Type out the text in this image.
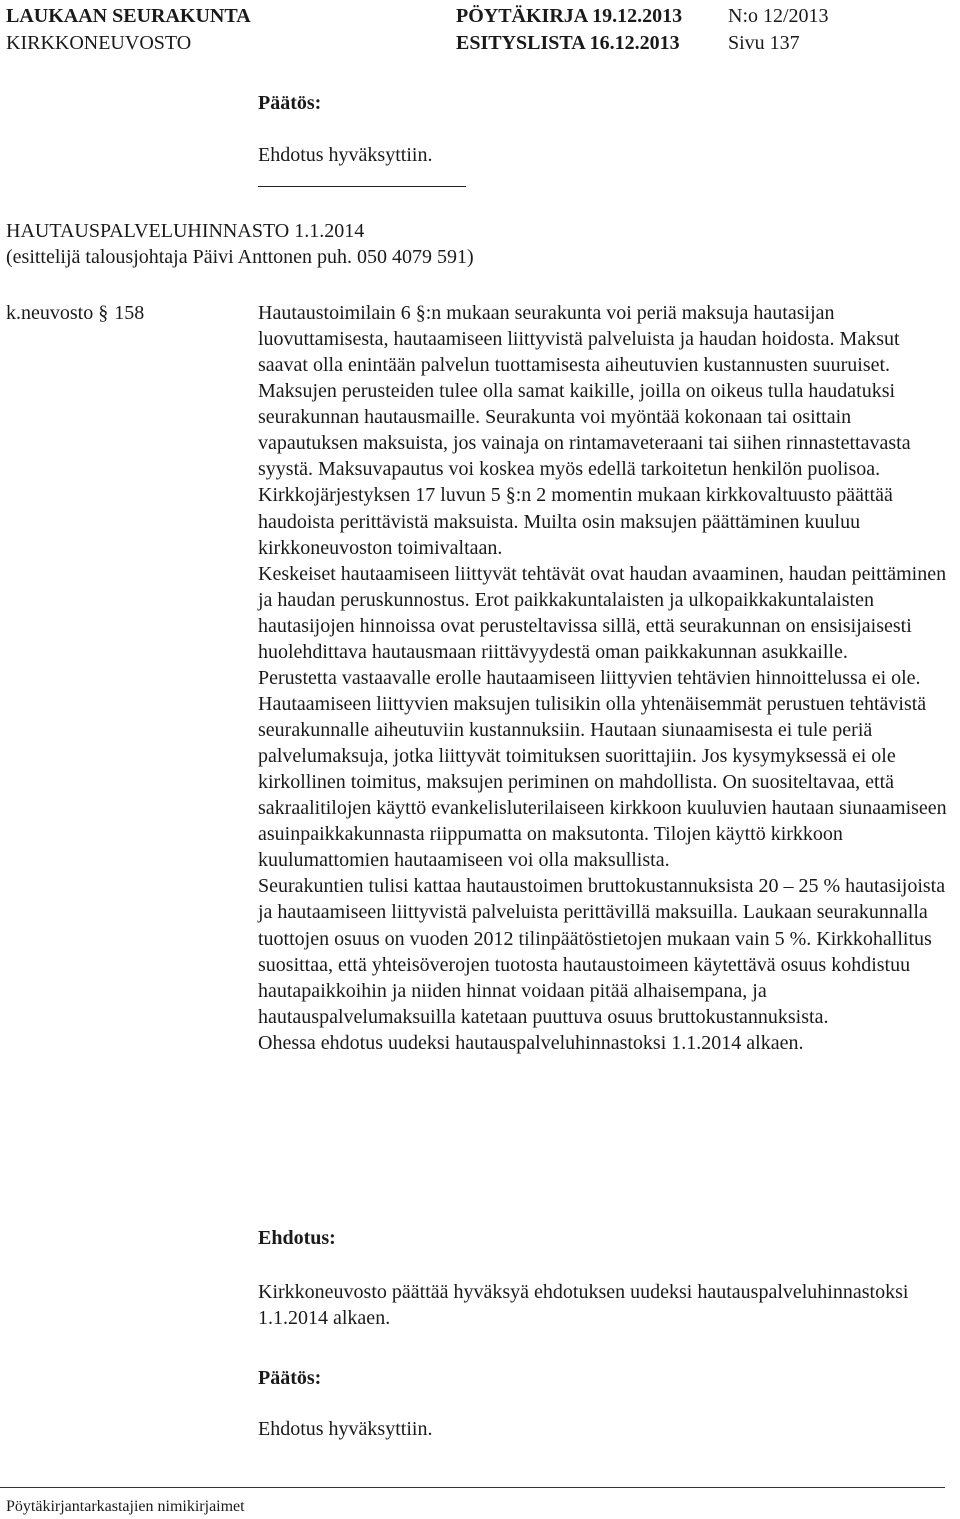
LAUKAAN SEURAKUNTA	PÖYTÄKIRJA 19.12.2013 N:o 12/2013
KIRKKONEUVOSTO	ESITYSLISTA 16.12.2013 Sivu 137
Päätös:
Ehdotus hyväksyttiin.
HAUTAUSPALVELUHINNASTO 1.1.2014
(esittelijä talousjohtaja Päivi Anttonen puh. 050 4079 591)
k.neuvosto § 158	Hautaustoimilain 6 §:n mukaan seurakunta voi periä maksuja hautasijan luovuttamisesta, hautaamiseen liittyvistä palveluista ja haudan hoidosta. Maksut saavat olla enintään palvelun tuottamisesta aiheutuvien kustannusten suuruiset. Maksujen perusteiden tulee olla samat kaikille, joilla on oikeus tulla haudatuksi seurakunnan hautausmaille. Seurakunta voi myöntää kokonaan tai osittain vapautuksen maksuista, jos vainaja on rintamaveteraani tai siihen rinnastettavasta syystä. Maksuvapautus voi koskea myös edellä tarkoitetun henkilön puolisoa.

Kirkkojärjestyksen 17 luvun 5 §:n 2 momentin mukaan kirkkovaltuusto päättää haudoista perittävistä maksuista. Muilta osin maksujen päättäminen kuuluu kirkkoneuvoston toimivaltaan.

Keskeiset hautaamiseen liittyvät tehtävät ovat haudan avaaminen, haudan peittäminen ja haudan peruskunnostus. Erot paikkakuntalaisten ja ulkopaikkakuntalaisten hautasijojen hinnoissa ovat perusteltavissa sillä, että seurakunnan on ensisijaisesti huolehdittava hautausmaan riittävyydestä oman paikkakunnan asukkaille.

Perustetta vastaavalle erolle hautaamiseen liittyvien tehtävien hinnoittelussa ei ole. Hautaamiseen liittyvien maksujen tulisikin olla yhtenäisemmät perustuen tehtävistä seurakunnalle aiheutuviin kustannuksiin. Hautaan siunaamisesta ei tule periä palvelumaksuja, jotka liittyvät toimituksen suorittajiin. Jos kysymyksessä ei ole kirkollinen toimitus, maksujen periminen on mahdollista. On suositeltavaa, että sakraalitilojen käyttö evankelisluterilaiseen kirkkoon kuuluvien hautaan siunaamiseen asuinpaikkakunnasta riippumatta on maksutonta. Tilojen käyttö kirkkoon kuulumattomien hautaamiseen voi olla maksullista.

Seurakuntien tulisi kattaa hautaustoimen bruttokustannuksista 20 – 25 % hautasijoista ja hautaamiseen liittyvistä palveluista perittävillä maksuilla. Laukaan seurakunnalla tuottojen osuus on vuoden 2012 tilinpäätöstietojen mukaan vain 5 %. Kirkkohallitus suosittaa, että yhteisöverojen tuotosta hautaustoimeen käytettävä osuus kohdistuu hautapaikkoihin ja niiden hinnat voidaan pitää alhaisempana, ja hautauspalvelumaksuilla katetaan puuttuva osuus bruttokustannuksista.

Ohessa ehdotus uudeksi hautauspalveluhinnastoksi 1.1.2014 alkaen.

Ehdotus:
Kirkkoneuvosto päättää hyväksyä ehdotuksen uudeksi hautauspalveluhinnastoksi 1.1.2014 alkaen.
Päätös:
Ehdotus hyväksyttiin.
Pöytäkirjantarkastajien nimikirjaimet
